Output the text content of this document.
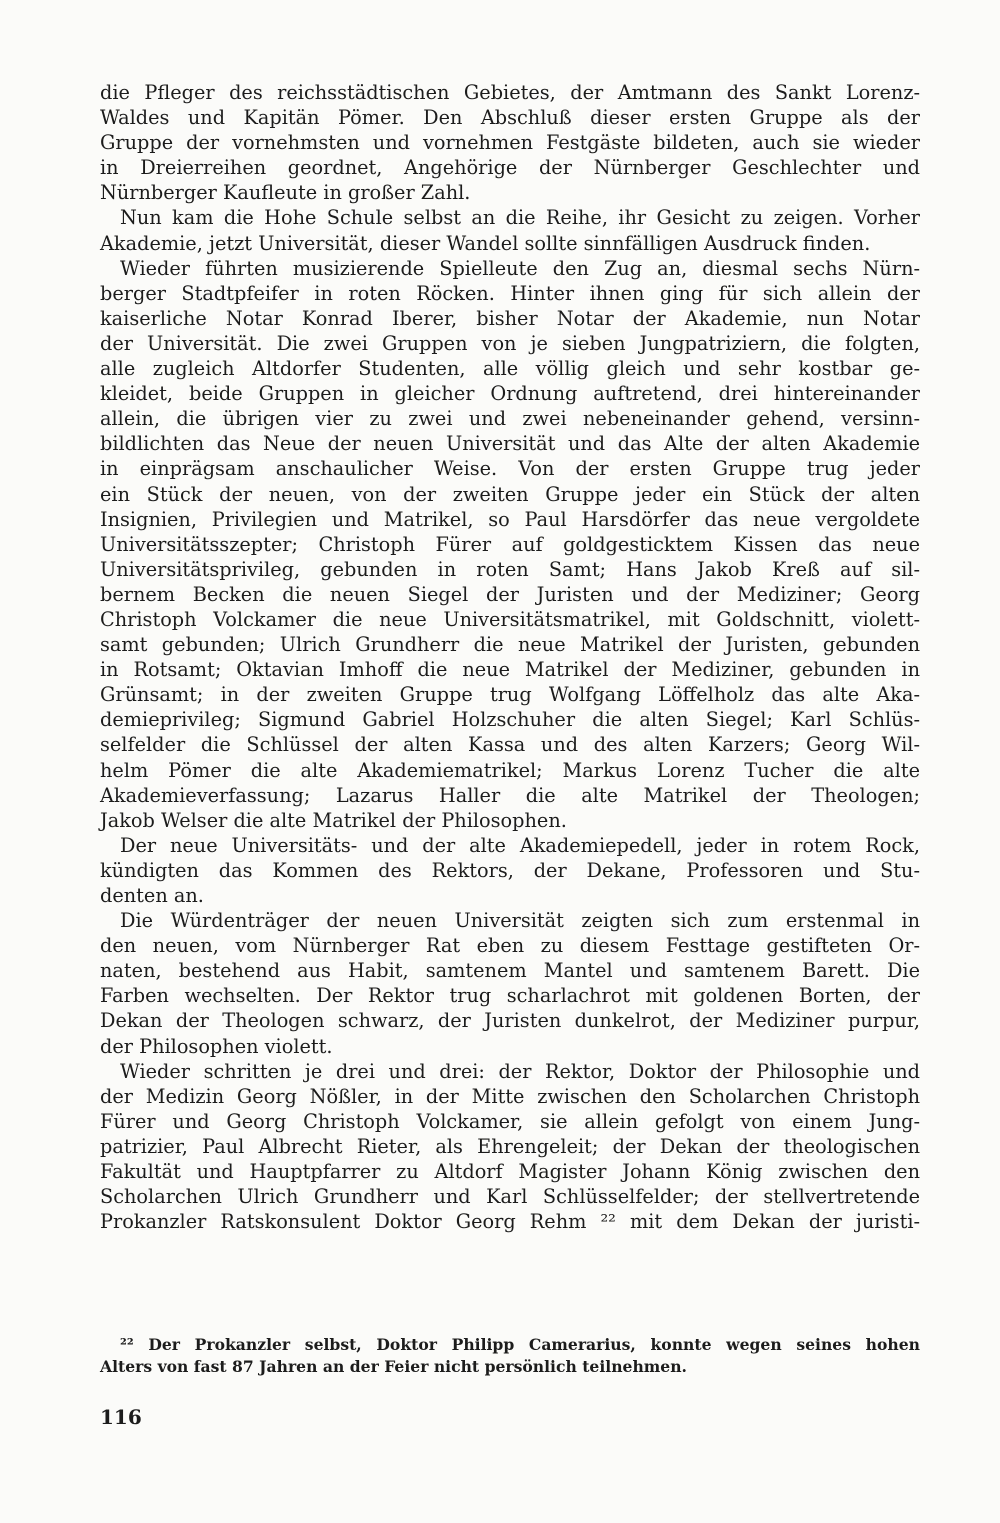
die Pfleger des reichsstädtischen Gebietes, der Amtmann des Sankt Lorenz-
Waldes und Kapitän Pömer. Den Abschluß dieser ersten Gruppe als der
Gruppe der vornehmsten und vornehmen Festgäste bildeten, auch sie wieder
in Dreierreihen geordnet, Angehörige der Nürnberger Geschlechter und
Nürnberger Kaufleute in großer Zahl.
Nun kam die Hohe Schule selbst an die Reihe, ihr Gesicht zu zeigen. Vorher
Akademie, jetzt Universität, dieser Wandel sollte sinnfälligen Ausdruck finden.
Wieder führten musizierende Spielleute den Zug an, diesmal sechs Nürn-
berger Stadtpfeifer in roten Röcken. Hinter ihnen ging für sich allein der
kaiserliche Notar Konrad Iberer, bisher Notar der Akademie, nun Notar
der Universität. Die zwei Gruppen von je sieben Jungpatriziern, die folgten,
alle zugleich Altdorfer Studenten, alle völlig gleich und sehr kostbar ge-
kleidet, beide Gruppen in gleicher Ordnung auftretend, drei hintereinander
allein, die übrigen vier zu zwei und zwei nebeneinander gehend, versinn-
bildlichten das Neue der neuen Universität und das Alte der alten Akademie
in einprägsam anschaulicher Weise. Von der ersten Gruppe trug jeder
ein Stück der neuen, von der zweiten Gruppe jeder ein Stück der alten
Insignien, Privilegien und Matrikel, so Paul Harsdörfer das neue vergoldete
Universitätsszepter; Christoph Fürer auf goldgesticktem Kissen das neue
Universitätsprivileg, gebunden in roten Samt; Hans Jakob Kreß auf sil-
bernem Becken die neuen Siegel der Juristen und der Mediziner; Georg
Christoph Volckamer die neue Universitätsmatrikel, mit Goldschnitt, violett-
samt gebunden; Ulrich Grundherr die neue Matrikel der Juristen, gebunden
in Rotsamt; Oktavian Imhoff die neue Matrikel der Mediziner, gebunden in
Grünsamt; in der zweiten Gruppe trug Wolfgang Löffelholz das alte Aka-
demieprivileg; Sigmund Gabriel Holzschuher die alten Siegel; Karl Schlüs-
selfelder die Schlüssel der alten Kassa und des alten Karzers; Georg Wil-
helm Pömer die alte Akademiematrikel; Markus Lorenz Tucher die alte
Akademieverfassung; Lazarus Haller die alte Matrikel der Theologen;
Jakob Welser die alte Matrikel der Philosophen.
Der neue Universitäts- und der alte Akademiepedell, jeder in rotem Rock,
kündigten das Kommen des Rektors, der Dekane, Professoren und Stu-
denten an.
Die Würdenträger der neuen Universität zeigten sich zum erstenmal in
den neuen, vom Nürnberger Rat eben zu diesem Festtage gestifteten Or-
naten, bestehend aus Habit, samtenem Mantel und samtenem Barett. Die
Farben wechselten. Der Rektor trug scharlachrot mit goldenen Borten, der
Dekan der Theologen schwarz, der Juristen dunkelrot, der Mediziner purpur,
der Philosophen violett.
Wieder schritten je drei und drei: der Rektor, Doktor der Philosophie und
der Medizin Georg Nößler, in der Mitte zwischen den Scholarchen Christoph
Fürer und Georg Christoph Volckamer, sie allein gefolgt von einem Jung-
patrizier, Paul Albrecht Rieter, als Ehrengeleit; der Dekan der theologischen
Fakultät und Hauptpfarrer zu Altdorf Magister Johann König zwischen den
Scholarchen Ulrich Grundherr und Karl Schlüsselfelder; der stellvertretende
Prokanzler Ratskonsulent Doktor Georg Rehm ²² mit dem Dekan der juristi-
²² Der Prokanzler selbst, Doktor Philipp Camerarius, konnte wegen seines hohen
Alters von fast 87 Jahren an der Feier nicht persönlich teilnehmen.
116
